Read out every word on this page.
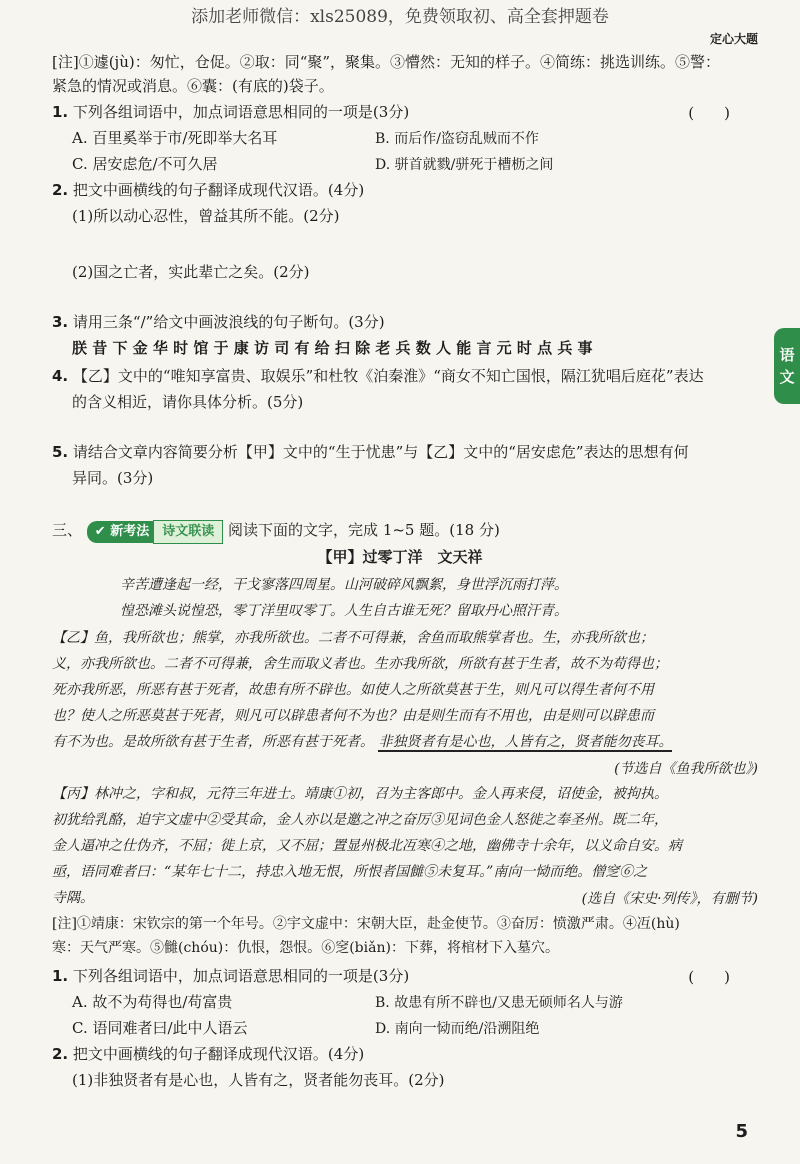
添加老师微信：xls25089，免费领取初、高全套押题卷
定心大题
语
文
[注]①遽(jù)：匆忙，仓促。②取：同“聚”，聚集。③懵然：无知的样子。④简练：挑选训练。⑤警：
紧急的情况或消息。⑥囊：(有底的)袋子。
1. 下列各组词语中，加点词语意思相同的一项是(3分)	(　　)
A. 百里奚举于市/死即举大名耳	B. 而后作/盗窃乱贼而不作
C. 居安虑危/不可久居	D. 骈首就戮/骈死于槽枥之间
2. 把文中画横线的句子翻译成现代汉语。(4分)
(1)所以动心忍性，曾益其所不能。(2分)
(2)国之亡者，实此辈亡之矣。(2分)
3. 请用三条“/”给文中画波浪线的句子断句。(3分)
朕 昔 下 金 华 时 馆 于 康 访 司 有 给 扫 除 老 兵 数 人 能 言 元 时 点 兵 事
4. 【乙】文中的“唯知享富贵、取娱乐”和杜牧《泊秦淮》“商女不知亡国恨，隔江犹唱后庭花”表达
的含义相近，请你具体分析。(5分)
5. 请结合文章内容简要分析【甲】文中的“生于忧患”与【乙】文中的“居安虑危”表达的思想有何
异同。(3分)
三、 ✔ 新考法 诗文联读 阅读下面的文字，完成 1~5 题。(18 分)
【甲】过零丁洋　文天祥
辛苦遭逢起一经，干戈寥落四周星。山河破碎风飘絮，身世浮沉雨打萍。
惶恐滩头说惶恐，零丁洋里叹零丁。人生自古谁无死？留取丹心照汗青。
【乙】鱼，我所欲也；熊掌，亦我所欲也。二者不可得兼，舍鱼而取熊掌者也。生，亦我所欲也；
义，亦我所欲也。二者不可得兼，舍生而取义者也。生亦我所欲，所欲有甚于生者，故不为苟得也；
死亦我所恶，所恶有甚于死者，故患有所不辟也。如使人之所欲莫甚于生，则凡可以得生者何不用
也？使人之所恶莫甚于死者，则凡可以辟患者何不为也？由是则生而有不用也，由是则可以辟患而
有不为也。是故所欲有甚于生者，所恶有甚于死者。 非独贤者有是心也，人皆有之，贤者能勿丧耳。
(节选自《鱼我所欲也》)
【丙】林冲之，字和叔，元符三年进士。靖康①初，召为主客郎中。金人再来侵，诏使金，被拘执。
初犹给乳酪，迫宇文虚中②受其命，金人亦以是邀之冲之奋厉③见词色金人怒徙之奉圣州。既二年，
金人逼冲之仕伪齐，不屈；徙上京，又不屈；置显州极北冱寒④之地，幽佛寺十余年，以义命自安。病
亟，语同难者曰：“某年七十二，持忠入地无恨，所恨者国雠⑤未复耳。”南向一恸而绝。僧窆⑥之
寺隅。	(选自《宋史·列传》，有删节)
[注]①靖康：宋钦宗的第一个年号。②宇文虚中：宋朝大臣，赴金使节。③奋厉：愤激严肃。④冱(hù)
寒：天气严寒。⑤雠(chóu)：仇恨，怨恨。⑥窆(biǎn)：下葬，将棺材下入墓穴。
1. 下列各组词语中，加点词语意思相同的一项是(3分)	(　　)
A. 故不为苟得也/苟富贵	B. 故患有所不辟也/又患无硕师名人与游
C. 语同难者曰/此中人语云	D. 南向一恸而绝/沿溯阻绝
2. 把文中画横线的句子翻译成现代汉语。(4分)
(1)非独贤者有是心也，人皆有之，贤者能勿丧耳。(2分)
5
